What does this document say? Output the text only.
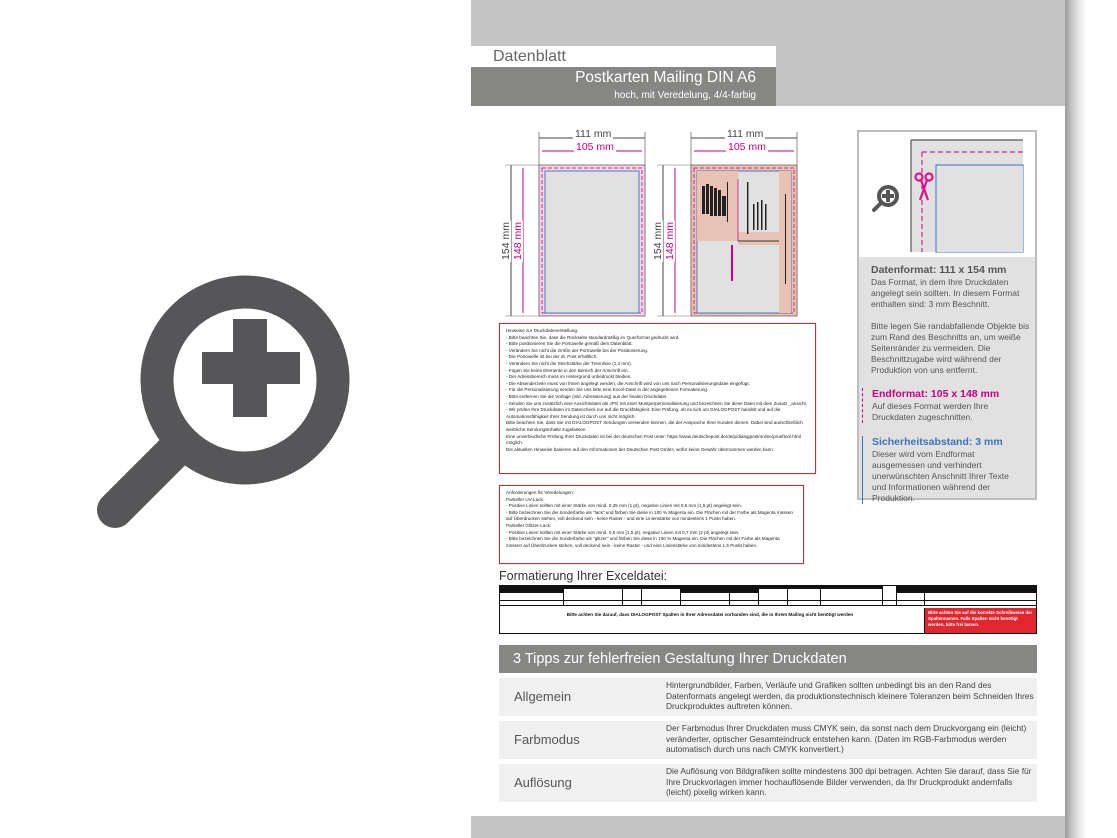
Datenblatt
Postkarten Mailing DIN A6
hoch, mit Veredelung, 4/4-farbig
111 mm
105 mm
111 mm
105 mm
154 mm 148 mm	154 mm 148 mm
Datenformat: 111 x 154 mm
Das Format, in dem Ihre Druckdaten angelegt sein sollten. In diesem Format enthalten sind: 3 mm Beschnitt.
Bitte legen Sie randabfallende Objekte bis zum Rand des Beschnitts an, um weiße Seitenränder zu vermeiden. Die Beschnittzugabe wird während der Produktion von uns entfernt.
Endformat: 105 x 148 mm
Auf dieses Format werden Ihre Druckdaten zugeschnitten.
Sicherheitsabstand: 3 mm
Dieser wird vom Endformat ausgemessen und verhindert unerwünschten Anschnitt Ihrer Texte und Informationen während der Produktion.
Hinweise zur Druckdatenerstellung:
- Bitte beachten Sie, dass die Rückseite standardmäßig im Querformat gedruckt wird.
- Bitte positionieren Sie die Portowelle gemäß dem Datenblatt.
- Verändern Sie nicht die Größe der Portowelle bei der Positionierung.
- Die Portowelle ist bei der dt. Post erhältlich.
- Verändern Sie nicht die Strichstärke der Trennlinie (1,2 mm).
- Fügen Sie keine Elemente in den Bereich der Anschrift ein.
- Der Adressbereich muss im Hintergrund unbedruckt bleiben.
- Die Absenderzeile muss von Ihnen angelegt werden, die Anschrift wird von uns nach Personalisierungsdatei eingefügt.
- Für die Personalisierung senden Sie uns bitte eine Excel-Datei in der angegebenen Formatierung.
- Bitte entfernen Sie die Vorlage (inkl. Adressierung) aus der finalen Druckdatei.
- Senden Sie uns zusätzlich eine Ansichtsdatei als JPG mit einer Mustperpersonalisierung und bezeichnen Sie diese Datei mit dem Zusatz _ansicht.
- Wir prüfen Ihre Druckdaten im Datencheck nur auf die Druckfähigkeit. Eine Prüfung, ob es sich um DIALOGPOST handelt und auf die Automationsfähigkeit Ihrer Sendung ist durch uns nicht möglich.
Bitte beachten Sie, dass Sie mit DIALOGPOST Sendungen versenden können, die der Ansprache Ihrer Kunden dienen. Dabei sind ausschließlich werbliche Sendungsinhalte zugelassen.
Eine unverbindliche Prüfung Ihrer Druckdaten ist bei der deutschen Post unter: https://www.deutschepost.de/de/p/dialogpost/online/prueftool.html möglich.
Die aktuellen Hinweise basieren auf den Informationen der Deutschen Post GmbH, wofür keine Gewähr übernommen werden kann.
Anforderungen für Veredelungen:
Partieller UV-Lack:
- Positive Linien sollten mit einer Stärke von mind. 0,35 mm (1 pt), negative Linien mit 0,5 mm (1,5 pt) angelegt sein.
- Bitte bezeichnen Sie die Sonderfarbe als "lack" und färben Sie diese in 100 % Magenta ein. Die Flächen mit der Farbe als Magenta müssen auf Überdrucken stehen, voll deckend sein - keine Raster - und eine Linienstärke von mindestens 1 Punkt haben.
Partieller Glitzer-Lack:
- Positive Linien sollten mit einer Stärke von mind. 0,5 mm (1,5 pt), negative Linien mit 0,7 mm (2 pt) angelegt sein.
- Bitte bezeichnen Sie die Sonderfarbe als "glitzer" und färben Sie diese in 100 % Magenta ein. Die Flächen mit der Farbe als Magenta müssen auf Überdrucken stehen, voll deckend sein - keine Raster - und eine Linienstärke von mindestens 1,5 Punkt haben.
Formatierung Ihrer Exceldatei:
Bitte achten Sie darauf, dass DIALOGPOST Spalten in Ihrer Adressdatei vorhanden sind, die in Ihrem Mailing nicht benötigt werden	Bitte achten Sie auf die korrekte Schreibweise der Spaltennamen. Falls Spalten nicht benötigt werden, bitte frei lassen.
3 Tipps zur fehlerfreien Gestaltung Ihrer Druckdaten
Allgemein
Hintergrundbilder, Farben, Verläufe und Grafiken sollten unbedingt bis an den Rand des Datenformats angelegt werden, da produktionstechnisch kleinere Toleranzen beim Schneiden Ihres Druckproduktes auftreten können.
Farbmodus
Der Farbmodus Ihrer Druckdaten muss CMYK sein, da sonst nach dem Druckvorgang ein (leicht) veränderter, optischer Gesamteindruck entstehen kann. (Daten im RGB-Farbmodus werden automatisch durch uns nach CMYK konvertiert.)
Auflösung
Die Auflösung von Bildgrafiken sollte mindestens 300 dpi betragen. Achten Sie darauf, dass Sie für Ihre Druckvorlagen immer hochauflösende Bilder verwenden, da Ihr Druckprodukt andernfalls (leicht) pixelig wirken kann.
